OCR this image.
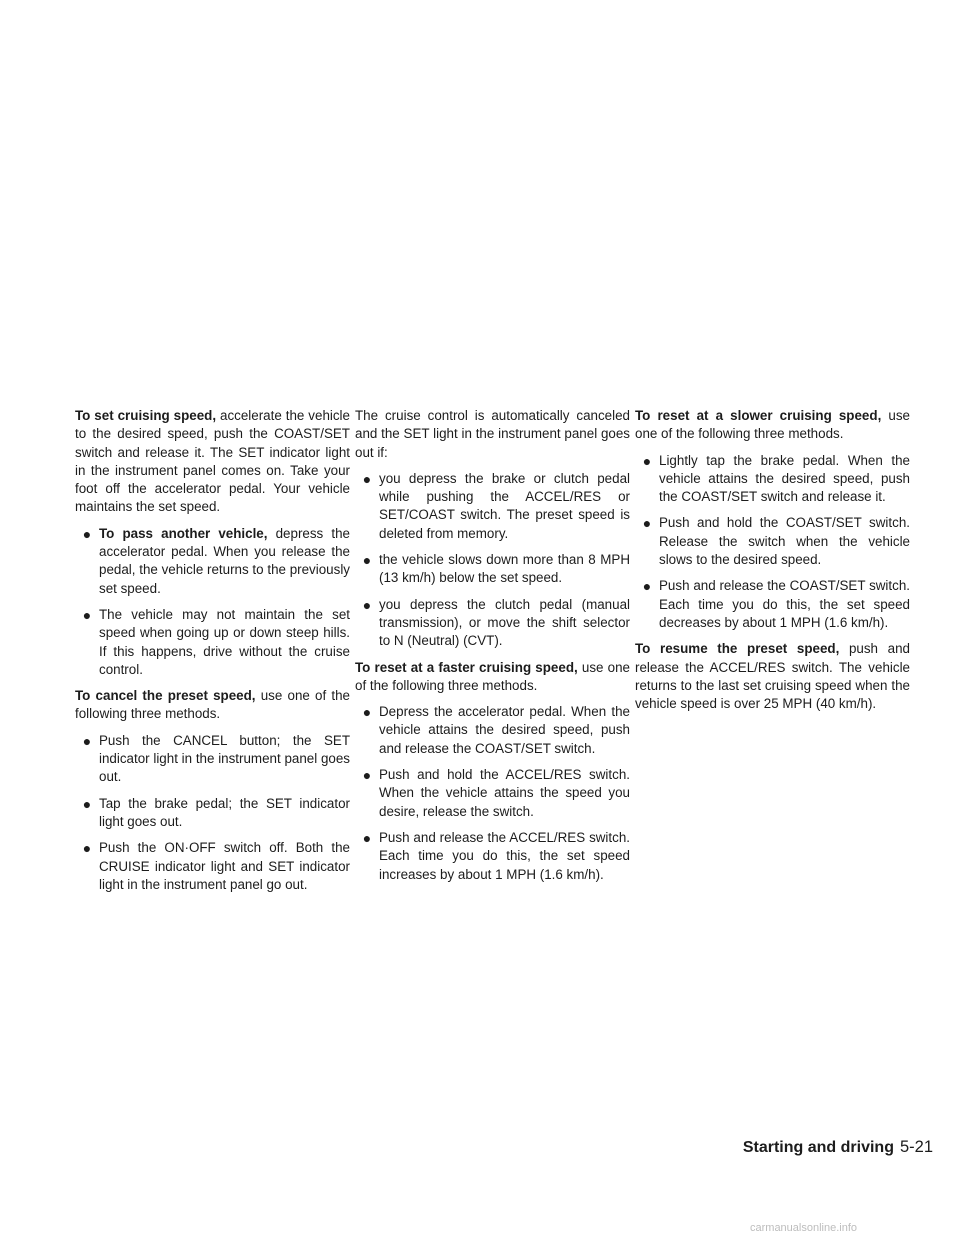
To set cruising speed, accelerate the vehicle to the desired speed, push the COAST/SET switch and release it. The SET indicator light in the instrument panel comes on. Take your foot off the accelerator pedal. Your vehicle maintains the set speed.

● To pass another vehicle, depress the accelerator pedal. When you release the pedal, the vehicle returns to the previously set speed.
● The vehicle may not maintain the set speed when going up or down steep hills. If this happens, drive without the cruise control.

To cancel the preset speed, use one of the following three methods.

● Push the CANCEL button; the SET indicator light in the instrument panel goes out.
● Tap the brake pedal; the SET indicator light goes out.
● Push the ON·OFF switch off. Both the CRUISE indicator light and SET indicator light in the instrument panel go out.

The cruise control is automatically canceled and the SET light in the instrument panel goes out if:

● you depress the brake or clutch pedal while pushing the ACCEL/RES or SET/COAST switch. The preset speed is deleted from memory.
● the vehicle slows down more than 8 MPH (13 km/h) below the set speed.
● you depress the clutch pedal (manual transmission), or move the shift selector to N (Neutral) (CVT).

To reset at a faster cruising speed, use one of the following three methods.

● Depress the accelerator pedal. When the vehicle attains the desired speed, push and release the COAST/SET switch.
● Push and hold the ACCEL/RES switch. When the vehicle attains the speed you desire, release the switch.
● Push and release the ACCEL/RES switch. Each time you do this, the set speed increases by about 1 MPH (1.6 km/h).

To reset at a slower cruising speed, use one of the following three methods.

● Lightly tap the brake pedal. When the vehicle attains the desired speed, push the COAST/SET switch and release it.
● Push and hold the COAST/SET switch. Release the switch when the vehicle slows to the desired speed.
● Push and release the COAST/SET switch. Each time you do this, the set speed decreases by about 1 MPH (1.6 km/h).

To resume the preset speed, push and release the ACCEL/RES switch. The vehicle returns to the last set cruising speed when the vehicle speed is over 25 MPH (40 km/h).

Starting and driving 5-21
carmanualsonline.info
